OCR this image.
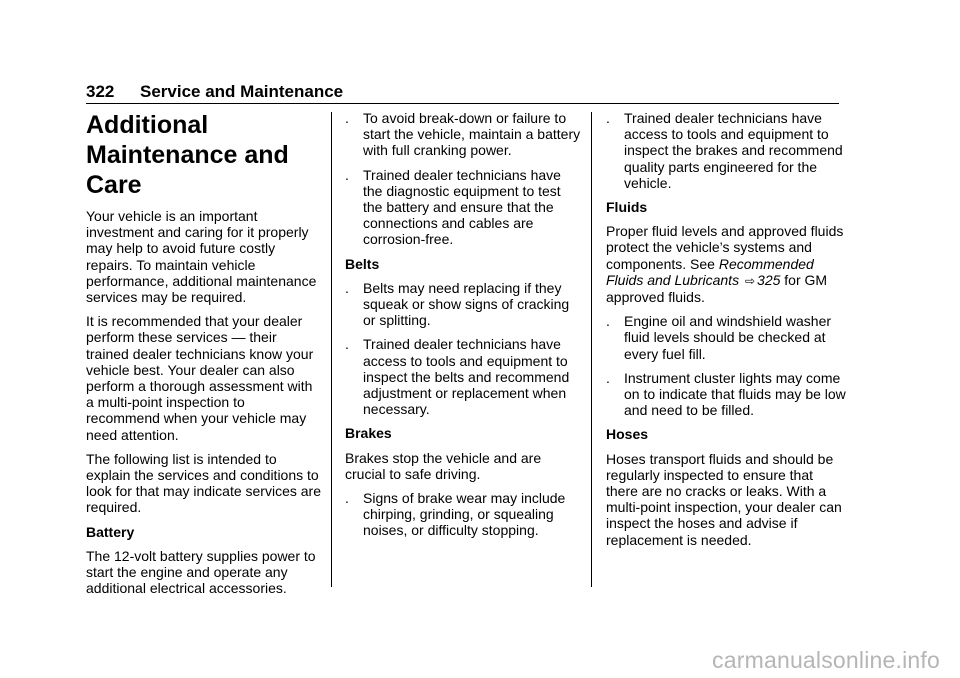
322 Service and Maintenance
Additional
Maintenance and Care

Your vehicle is an important investment and caring for it properly may help to avoid future costly repairs. To maintain vehicle performance, additional maintenance services may be required.

It is recommended that your dealer perform these services — their trained dealer technicians know your vehicle best. Your dealer can also perform a thorough assessment with a multi-point inspection to recommend when your vehicle may need attention.

The following list is intended to explain the services and conditions to look for that may indicate services are required.

Battery

The 12-volt battery supplies power to start the engine and operate any additional electrical accessories.

. To avoid break-down or failure to start the vehicle, maintain a battery with full cranking power.
. Trained dealer technicians have the diagnostic equipment to test the battery and ensure that the connections and cables are corrosion-free.

Belts

. Belts may need replacing if they squeak or show signs of cracking or splitting.
. Trained dealer technicians have access to tools and equipment to inspect the belts and recommend adjustment or replacement when necessary.

Brakes

Brakes stop the vehicle and are crucial to safe driving.

. Signs of brake wear may include chirping, grinding, or squealing noises, or difficulty stopping.
. Trained dealer technicians have access to tools and equipment to inspect the brakes and recommend quality parts engineered for the vehicle.

Fluids

Proper fluid levels and approved fluids protect the vehicle’s systems and components. See Recommended Fluids and Lubricants ⇨ 325 for GM approved fluids.

. Engine oil and windshield washer fluid levels should be checked at every fuel fill.
. Instrument cluster lights may come on to indicate that fluids may be low and need to be filled.

Hoses

Hoses transport fluids and should be regularly inspected to ensure that there are no cracks or leaks. With a multi-point inspection, your dealer can inspect the hoses and advise if replacement is needed.

carmanualsonline.info
